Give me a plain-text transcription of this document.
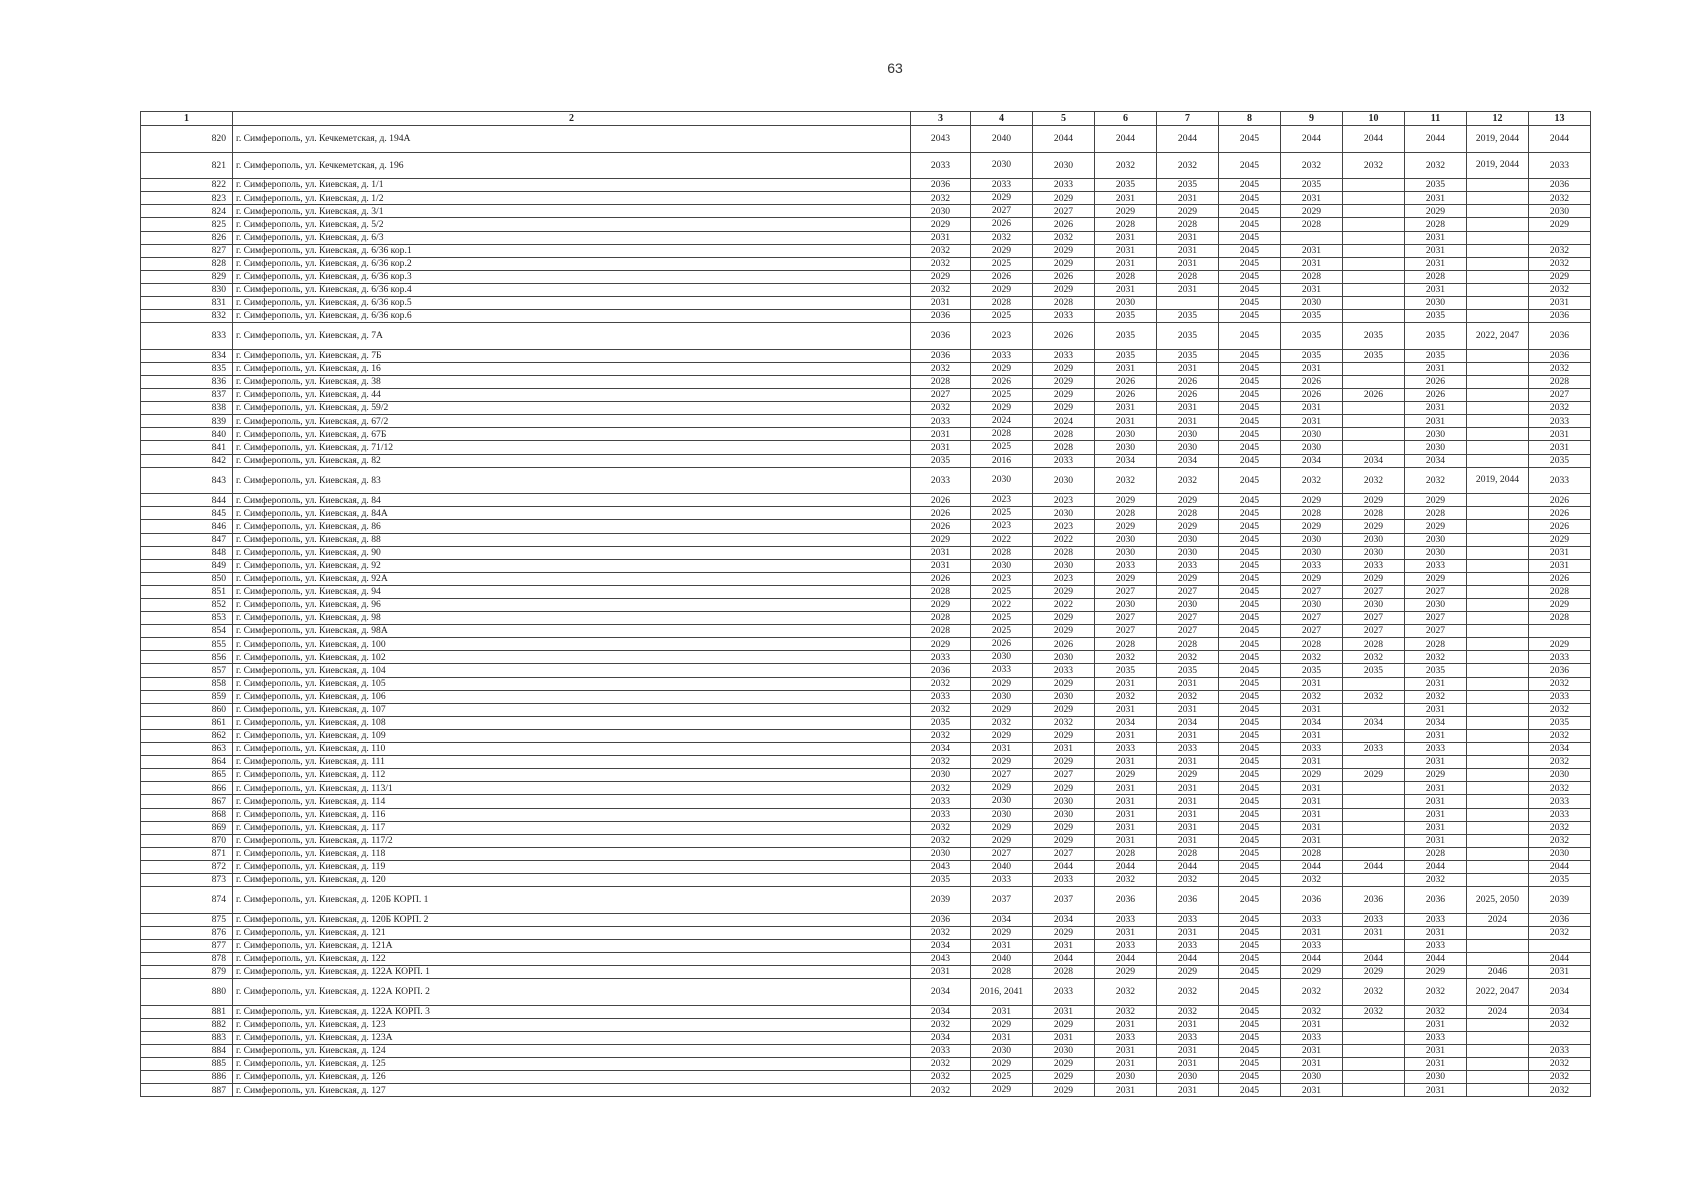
63
1	2	3	4	5	6	7	8	9	10	11	12	13
820	г. Симферополь, ул. Кечкеметская, д. 194А	2043	2040	2044	2044	2044	2045	2044	2044	2044	2019, 2044	2044
821	г. Симферополь, ул. Кечкеметская, д. 196	2033	2030	2030	2032	2032	2045	2032	2032	2032	2019, 2044	2033
822	г. Симферополь, ул. Киевская, д. 1/1	2036	2033	2033	2035	2035	2045	2035		2035		2036
823	г. Симферополь, ул. Киевская, д. 1/2	2032	2029	2029	2031	2031	2045	2031		2031		2032
824	г. Симферополь, ул. Киевская, д. 3/1	2030	2027	2027	2029	2029	2045	2029		2029		2030
825	г. Симферополь, ул. Киевская, д. 5/2	2029	2026	2026	2028	2028	2045	2028		2028		2029
826	г. Симферополь, ул. Киевская, д. 6/3	2031	2032	2032	2031	2031	2045			2031		
827	г. Симферополь, ул. Киевская, д. 6/36 кор.1	2032	2029	2029	2031	2031	2045	2031		2031		2032
828	г. Симферополь, ул. Киевская, д. 6/36 кор.2	2032	2025	2029	2031	2031	2045	2031		2031		2032
829	г. Симферополь, ул. Киевская, д. 6/36 кор.3	2029	2026	2026	2028	2028	2045	2028		2028		2029
830	г. Симферополь, ул. Киевская, д. 6/36 кор.4	2032	2029	2029	2031	2031	2045	2031		2031		2032
831	г. Симферополь, ул. Киевская, д. 6/36 кор.5	2031	2028	2028	2030		2045	2030		2030		2031
832	г. Симферополь, ул. Киевская, д. 6/36 кор.6	2036	2025	2033	2035	2035	2045	2035		2035		2036
833	г. Симферополь, ул. Киевская, д. 7А	2036	2023	2026	2035	2035	2045	2035	2035	2035	2022, 2047	2036
834	г. Симферополь, ул. Киевская, д. 7Б	2036	2033	2033	2035	2035	2045	2035	2035	2035		2036
835	г. Симферополь, ул. Киевская, д. 16	2032	2029	2029	2031	2031	2045	2031		2031		2032
836	г. Симферополь, ул. Киевская, д. 38	2028	2026	2029	2026	2026	2045	2026		2026		2028
837	г. Симферополь, ул. Киевская, д. 44	2027	2025	2029	2026	2026	2045	2026	2026	2026		2027
838	г. Симферополь, ул. Киевская, д. 59/2	2032	2029	2029	2031	2031	2045	2031		2031		2032
839	г. Симферополь, ул. Киевская, д. 67/2	2033	2024	2024	2031	2031	2045	2031		2031		2033
840	г. Симферополь, ул. Киевская, д. 67Б	2031	2028	2028	2030	2030	2045	2030		2030		2031
841	г. Симферополь, ул. Киевская, д. 71/12	2031	2025	2028	2030	2030	2045	2030		2030		2031
842	г. Симферополь, ул. Киевская, д. 82	2035	2016	2033	2034	2034	2045	2034	2034	2034		2035
843	г. Симферополь, ул. Киевская, д. 83	2033	2030	2030	2032	2032	2045	2032	2032	2032	2019, 2044	2033
844	г. Симферополь, ул. Киевская, д. 84	2026	2023	2023	2029	2029	2045	2029	2029	2029		2026
845	г. Симферополь, ул. Киевская, д. 84А	2026	2025	2030	2028	2028	2045	2028	2028	2028		2026
846	г. Симферополь, ул. Киевская, д. 86	2026	2023	2023	2029	2029	2045	2029	2029	2029		2026
847	г. Симферополь, ул. Киевская, д. 88	2029	2022	2022	2030	2030	2045	2030	2030	2030		2029
848	г. Симферополь, ул. Киевская, д. 90	2031	2028	2028	2030	2030	2045	2030	2030	2030		2031
849	г. Симферополь, ул. Киевская, д. 92	2031	2030	2030	2033	2033	2045	2033	2033	2033		2031
850	г. Симферополь, ул. Киевская, д. 92А	2026	2023	2023	2029	2029	2045	2029	2029	2029		2026
851	г. Симферополь, ул. Киевская, д. 94	2028	2025	2029	2027	2027	2045	2027	2027	2027		2028
852	г. Симферополь, ул. Киевская, д. 96	2029	2022	2022	2030	2030	2045	2030	2030	2030		2029
853	г. Симферополь, ул. Киевская, д. 98	2028	2025	2029	2027	2027	2045	2027	2027	2027		2028
854	г. Симферополь, ул. Киевская, д. 98А	2028	2025	2029	2027	2027	2045	2027	2027	2027		
855	г. Симферополь, ул. Киевская, д. 100	2029	2026	2026	2028	2028	2045	2028	2028	2028		2029
856	г. Симферополь, ул. Киевская, д. 102	2033	2030	2030	2032	2032	2045	2032	2032	2032		2033
857	г. Симферополь, ул. Киевская, д. 104	2036	2033	2033	2035	2035	2045	2035	2035	2035		2036
858	г. Симферополь, ул. Киевская, д. 105	2032	2029	2029	2031	2031	2045	2031		2031		2032
859	г. Симферополь, ул. Киевская, д. 106	2033	2030	2030	2032	2032	2045	2032	2032	2032		2033
860	г. Симферополь, ул. Киевская, д. 107	2032	2029	2029	2031	2031	2045	2031		2031		2032
861	г. Симферополь, ул. Киевская, д. 108	2035	2032	2032	2034	2034	2045	2034	2034	2034		2035
862	г. Симферополь, ул. Киевская, д. 109	2032	2029	2029	2031	2031	2045	2031		2031		2032
863	г. Симферополь, ул. Киевская, д. 110	2034	2031	2031	2033	2033	2045	2033	2033	2033		2034
864	г. Симферополь, ул. Киевская, д. 111	2032	2029	2029	2031	2031	2045	2031		2031		2032
865	г. Симферополь, ул. Киевская, д. 112	2030	2027	2027	2029	2029	2045	2029	2029	2029		2030
866	г. Симферополь, ул. Киевская, д. 113/1	2032	2029	2029	2031	2031	2045	2031		2031		2032
867	г. Симферополь, ул. Киевская, д. 114	2033	2030	2030	2031	2031	2045	2031		2031		2033
868	г. Симферополь, ул. Киевская, д. 116	2033	2030	2030	2031	2031	2045	2031		2031		2033
869	г. Симферополь, ул. Киевская, д. 117	2032	2029	2029	2031	2031	2045	2031		2031		2032
870	г. Симферополь, ул. Киевская, д. 117/2	2032	2029	2029	2031	2031	2045	2031		2031		2032
871	г. Симферополь, ул. Киевская, д. 118	2030	2027	2027	2028	2028	2045	2028		2028		2030
872	г. Симферополь, ул. Киевская, д. 119	2043	2040	2044	2044	2044	2045	2044	2044	2044		2044
873	г. Симферополь, ул. Киевская, д. 120	2035	2033	2033	2032	2032	2045	2032		2032		2035
874	г. Симферополь, ул. Киевская, д. 120Б КОРП. 1	2039	2037	2037	2036	2036	2045	2036	2036	2036	2025, 2050	2039
875	г. Симферополь, ул. Киевская, д. 120Б КОРП. 2	2036	2034	2034	2033	2033	2045	2033	2033	2033	2024	2036
876	г. Симферополь, ул. Киевская, д. 121	2032	2029	2029	2031	2031	2045	2031	2031	2031		2032
877	г. Симферополь, ул. Киевская, д. 121А	2034	2031	2031	2033	2033	2045	2033		2033		
878	г. Симферополь, ул. Киевская, д. 122	2043	2040	2044	2044	2044	2045	2044	2044	2044		2044
879	г. Симферополь, ул. Киевская, д. 122А КОРП. 1	2031	2028	2028	2029	2029	2045	2029	2029	2029	2046	2031
880	г. Симферополь, ул. Киевская, д. 122А КОРП. 2	2034	2016, 2041	2033	2032	2032	2045	2032	2032	2032	2022, 2047	2034
881	г. Симферополь, ул. Киевская, д. 122А КОРП. 3	2034	2031	2031	2032	2032	2045	2032	2032	2032	2024	2034
882	г. Симферополь, ул. Киевская, д. 123	2032	2029	2029	2031	2031	2045	2031		2031		2032
883	г. Симферополь, ул. Киевская, д. 123А	2034	2031	2031	2033	2033	2045	2033		2033		
884	г. Симферополь, ул. Киевская, д. 124	2033	2030	2030	2031	2031	2045	2031		2031		2033
885	г. Симферополь, ул. Киевская, д. 125	2032	2029	2029	2031	2031	2045	2031		2031		2032
886	г. Симферополь, ул. Киевская, д. 126	2032	2025	2029	2030	2030	2045	2030		2030		2032
887	г. Симферополь, ул. Киевская, д. 127	2032	2029	2029	2031	2031	2045	2031		2031		2032
